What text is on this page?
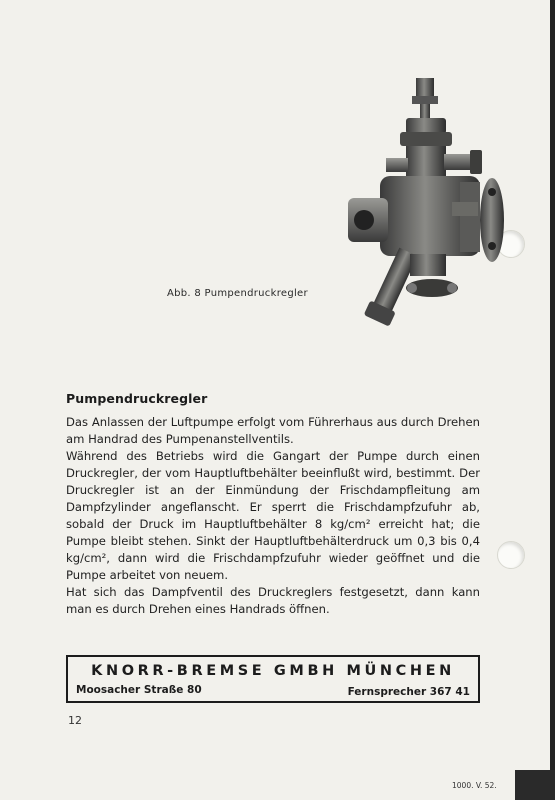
Abb. 8 Pumpendruckregler
Pumpendruckregler

Das Anlassen der Luftpumpe erfolgt vom Führerhaus aus durch Drehen am Handrad des Pumpenanstellventils.

Während des Betriebs wird die Gangart der Pumpe durch einen Druckregler, der vom Hauptluftbehälter beeinflußt wird, bestimmt. Der Druckregler ist an der Einmündung der Frischdampfleitung am Dampfzylinder angeflanscht. Er sperrt die Frischdampfzufuhr ab, sobald der Druck im Hauptluftbehälter 8 kg/cm² erreicht hat; die Pumpe bleibt stehen. Sinkt der Hauptluftbehälterdruck um 0,3 bis 0,4 kg/cm², dann wird die Frischdampfzufuhr wieder geöffnet und die Pumpe arbeitet von neuem.

Hat sich das Dampfventil des Druckreglers festgesetzt, dann kann man es durch Drehen eines Handrads öffnen.

KNORR-BREMSE GMBH MÜNCHEN
Moosacher Straße 80	Fernsprecher 367 41
12
1000. V. 52.
